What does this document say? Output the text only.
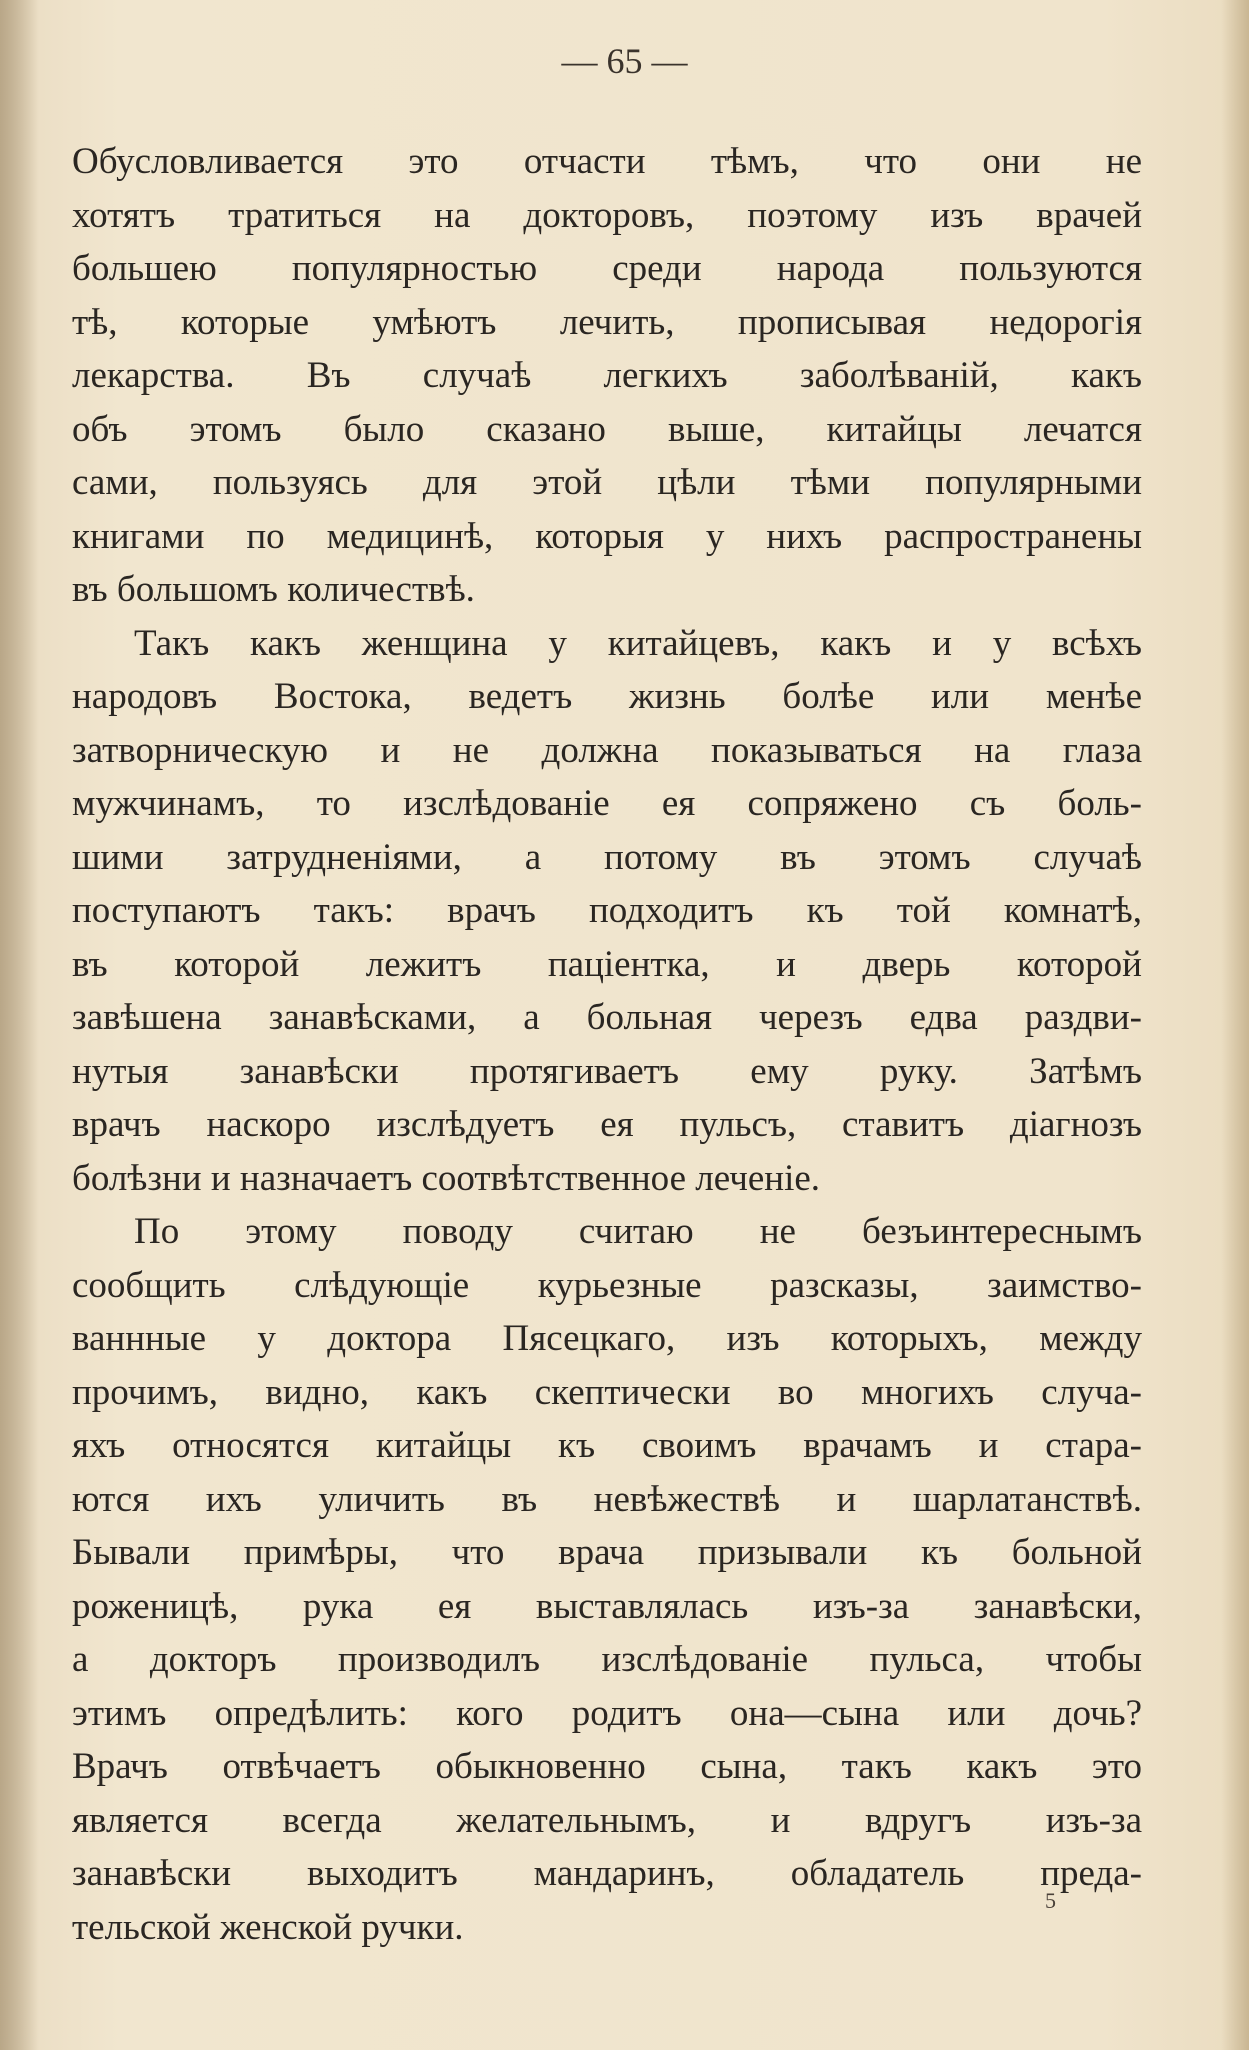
— 65 —

Обусловливается это отчасти тѣмъ, что они не
хотятъ тратиться на докторовъ, поэтому изъ врачей
большею популярностью среди народа пользуются
тѣ, которые умѣютъ лечить, прописывая недорогія
лекарства. Въ случаѣ легкихъ заболѣваній, какъ
объ этомъ было сказано выше, китайцы лечатся
сами, пользуясь для этой цѣли тѣми популярными
книгами по медицинѣ, которыя у нихъ распространены
въ большомъ количествѣ.

Такъ какъ женщина у китайцевъ, какъ и у всѣхъ
народовъ Востока, ведетъ жизнь болѣе или менѣе
затворническую и не должна показываться на глаза
мужчинамъ, то изслѣдованіе ея сопряжено съ боль-
шими затрудненіями, а потому въ этомъ случаѣ
поступаютъ такъ: врачъ подходитъ къ той комнатѣ,
въ которой лежитъ паціентка, и дверь которой
завѣшена занавѣсками, а больная черезъ едва раздви-
нутыя занавѣски протягиваетъ ему руку. Затѣмъ
врачъ наскоро изслѣдуетъ ея пульсъ, ставитъ діагнозъ
болѣзни и назначаетъ соотвѣтственное леченіе.

По этому поводу считаю не безъинтереснымъ
сообщить слѣдующіе курьезные разсказы, заимство-
ваннные у доктора Пясецкаго, изъ которыхъ, между
прочимъ, видно, какъ скептически во многихъ случа-
яхъ относятся китайцы къ своимъ врачамъ и стара-
ются ихъ уличить въ невѣжествѣ и шарлатанствѣ.
Бывали примѣры, что врача призывали къ больной
роженицѣ, рука ея выставлялась изъ-за занавѣски,
а докторъ производилъ изслѣдованіе пульса, чтобы
этимъ опредѣлить: кого родитъ она—сына или дочь?
Врачъ отвѣчаетъ обыкновенно сына, такъ какъ это
является всегда желательнымъ, и вдругъ изъ-за
занавѣски выходитъ мандаринъ, обладатель преда-
тельской женской ручки.

5
